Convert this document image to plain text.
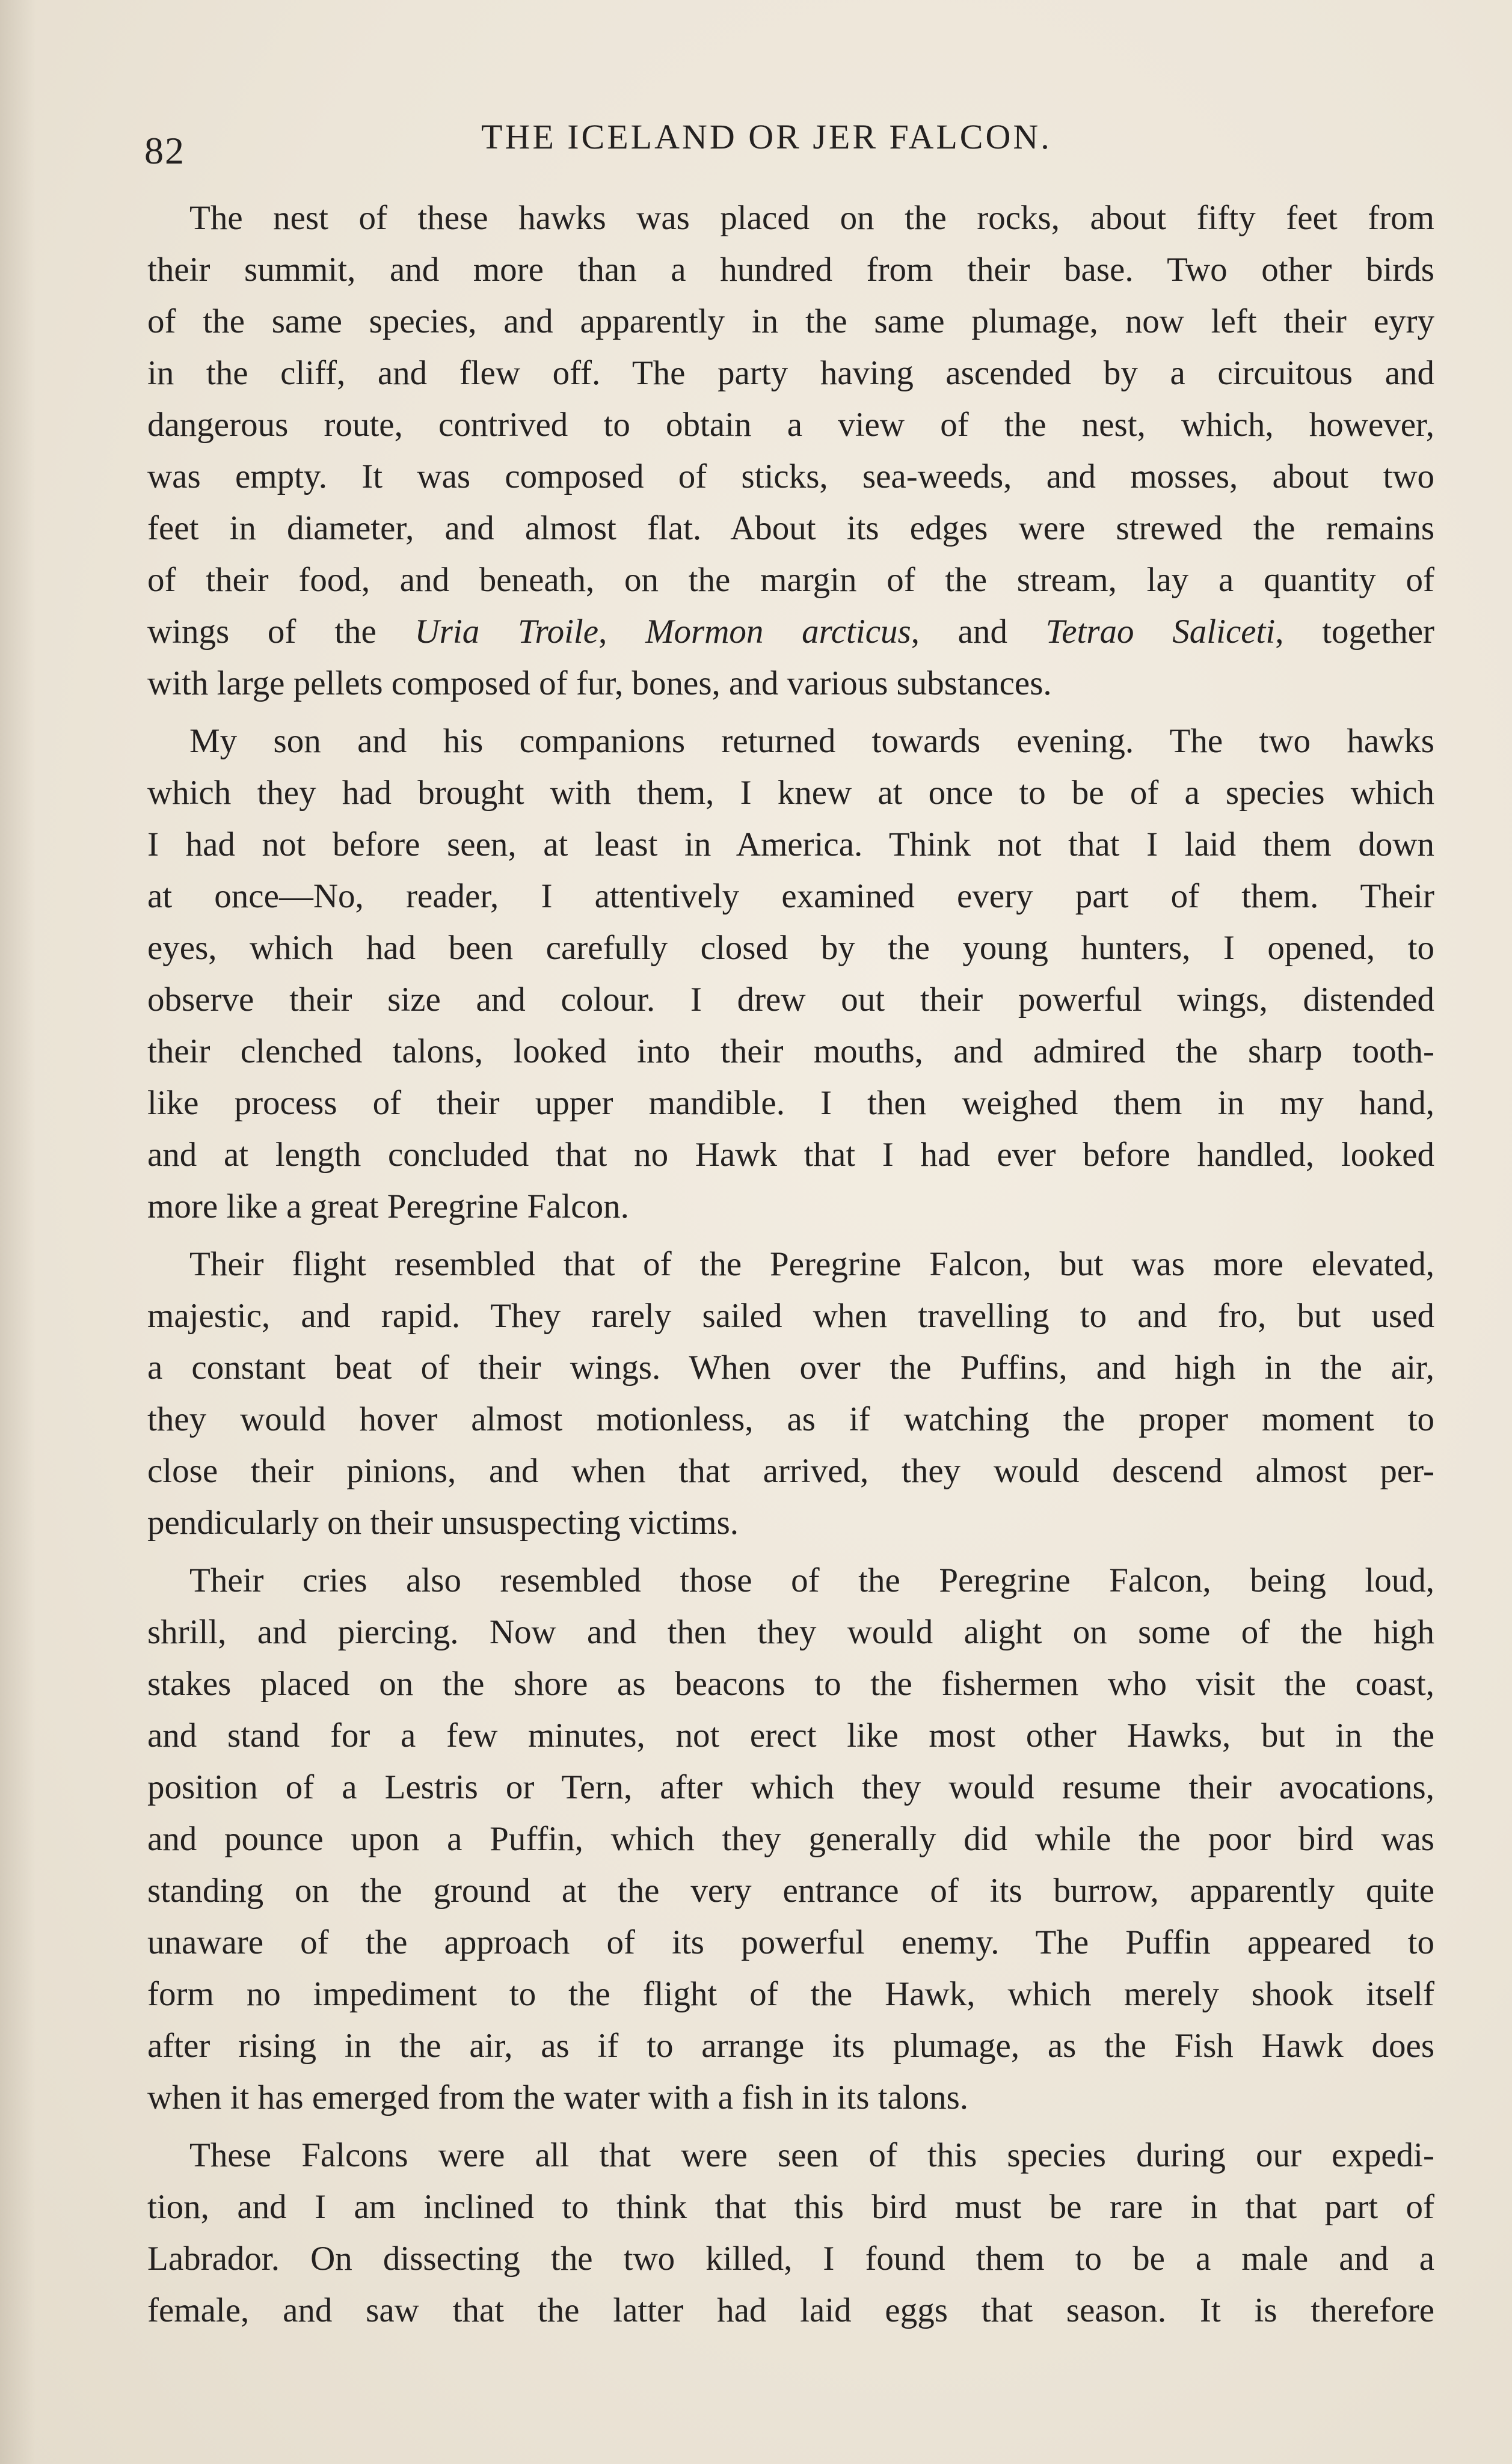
82	THE ICELAND OR JER FALCON.
The nest of these hawks was placed on the rocks, about fifty feet from
their summit, and more than a hundred from their base. Two other birds
of the same species, and apparently in the same plumage, now left their eyry
in the cliff, and flew off. The party having ascended by a circuitous and
dangerous route, contrived to obtain a view of the nest, which, however,
was empty. It was composed of sticks, sea-weeds, and mosses, about two
feet in diameter, and almost flat. About its edges were strewed the remains
of their food, and beneath, on the margin of the stream, lay a quantity of
wings of the Uria Troile, Mormon arcticus, and Tetrao Saliceti, together
with large pellets composed of fur, bones, and various substances.
My son and his companions returned towards evening. The two hawks
which they had brought with them, I knew at once to be of a species which
I had not before seen, at least in America. Think not that I laid them down
at once—No, reader, I attentively examined every part of them. Their
eyes, which had been carefully closed by the young hunters, I opened, to
observe their size and colour. I drew out their powerful wings, distended
their clenched talons, looked into their mouths, and admired the sharp tooth-
like process of their upper mandible. I then weighed them in my hand,
and at length concluded that no Hawk that I had ever before handled, looked
more like a great Peregrine Falcon.
Their flight resembled that of the Peregrine Falcon, but was more elevated,
majestic, and rapid. They rarely sailed when travelling to and fro, but used
a constant beat of their wings. When over the Puffins, and high in the air,
they would hover almost motionless, as if watching the proper moment to
close their pinions, and when that arrived, they would descend almost per-
pendicularly on their unsuspecting victims.
Their cries also resembled those of the Peregrine Falcon, being loud,
shrill, and piercing. Now and then they would alight on some of the high
stakes placed on the shore as beacons to the fishermen who visit the coast,
and stand for a few minutes, not erect like most other Hawks, but in the
position of a Lestris or Tern, after which they would resume their avocations,
and pounce upon a Puffin, which they generally did while the poor bird was
standing on the ground at the very entrance of its burrow, apparently quite
unaware of the approach of its powerful enemy. The Puffin appeared to
form no impediment to the flight of the Hawk, which merely shook itself
after rising in the air, as if to arrange its plumage, as the Fish Hawk does
when it has emerged from the water with a fish in its talons.
These Falcons were all that were seen of this species during our expedi-
tion, and I am inclined to think that this bird must be rare in that part of
Labrador. On dissecting the two killed, I found them to be a male and a
female, and saw that the latter had laid eggs that season. It is therefore
